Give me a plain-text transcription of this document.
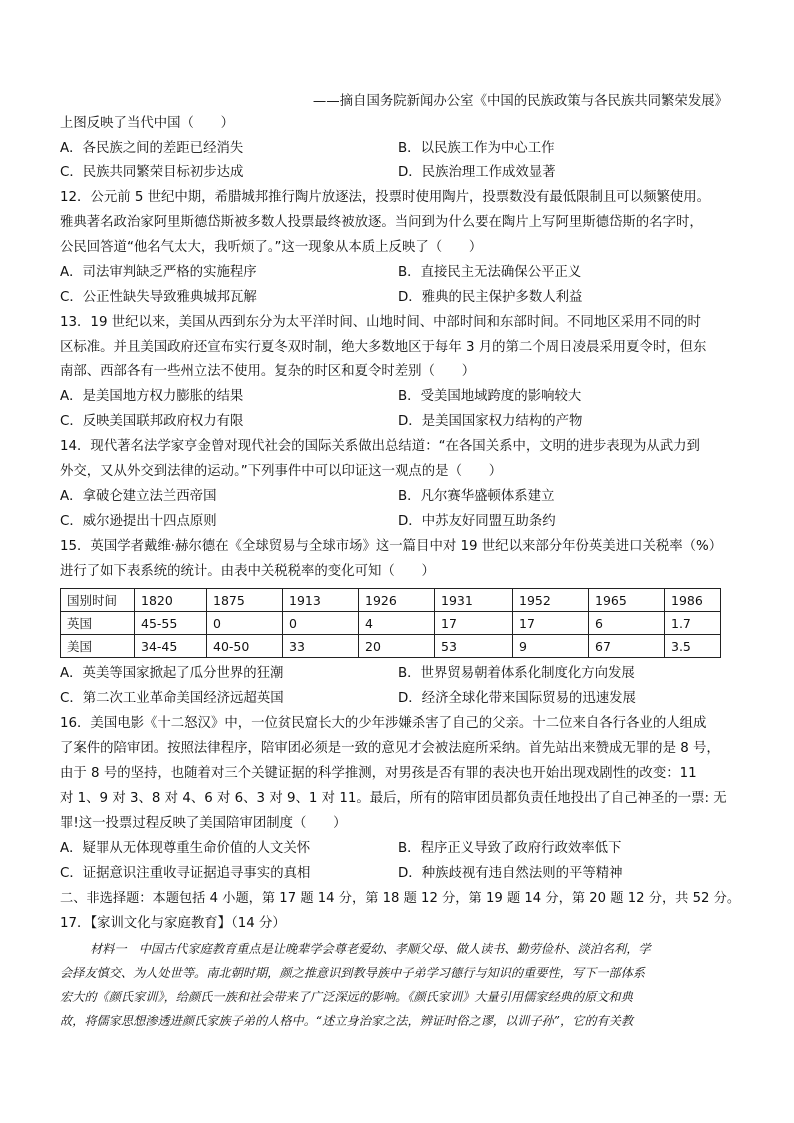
——摘自国务院新闻办公室《中国的民族政策与各民族共同繁荣发展》
上图反映了当代中国（　　）
A．各民族之间的差距已经消失	B．以民族工作为中心工作
C．民族共同繁荣目标初步达成	D．民族治理工作成效显著
12．公元前 5 世纪中期，希腊城邦推行陶片放逐法，投票时使用陶片，投票数没有最低限制且可以频繁使用。
雅典著名政治家阿里斯德岱斯被多数人投票最终被放逐。当问到为什么要在陶片上写阿里斯德岱斯的名字时，
公民回答道“他名气太大，我听烦了。”这一现象从本质上反映了（　　）
A．司法审判缺乏严格的实施程序	B．直接民主无法确保公平正义
C．公正性缺失导致雅典城邦瓦解	D．雅典的民主保护多数人利益
13．19 世纪以来，美国从西到东分为太平洋时间、山地时间、中部时间和东部时间。不同地区采用不同的时
区标准。并且美国政府还宣布实行夏冬双时制，绝大多数地区于每年 3 月的第二个周日凌晨采用夏令时，但东
南部、西部各有一些州立法不使用。复杂的时区和夏令时差别（　　）
A．是美国地方权力膨胀的结果	B．受美国地域跨度的影响较大
C．反映美国联邦政府权力有限	D．是美国国家权力结构的产物
14．现代著名法学家亨金曾对现代社会的国际关系做出总结道：“在各国关系中，文明的进步表现为从武力到
外交，又从外交到法律的运动。”下列事件中可以印证这一观点的是（　　）
A．拿破仑建立法兰西帝国	B．凡尔赛华盛顿体系建立
C．威尔逊提出十四点原则	D．中苏友好同盟互助条约
15．英国学者戴维·赫尔德在《全球贸易与全球市场》这一篇目中对 19 世纪以来部分年份英美进口关税率（%）
进行了如下表系统的统计。由表中关税税率的变化可知（　　）
国别时间	1820	1875	1913	1926	1931	1952	1965	1986
英国	45-55	0	0	4	17	17	6	1.7
美国	34-45	40-50	33	20	53	9	67	3.5
A．英美等国家掀起了瓜分世界的狂潮	B．世界贸易朝着体系化制度化方向发展
C．第二次工业革命美国经济远超英国	D．经济全球化带来国际贸易的迅速发展
16．美国电影《十二怒汉》中，一位贫民窟长大的少年涉嫌杀害了自己的父亲。十二位来自各行各业的人组成
了案件的陪审团。按照法律程序，陪审团必须是一致的意见才会被法庭所采纳。首先站出来赞成无罪的是 8 号，
由于 8 号的坚持，也随着对三个关键证据的科学推测，对男孩是否有罪的表决也开始出现戏剧性的改变：11
对 1、9 对 3、8 对 4、6 对 6、3 对 9、1 对 11。最后，所有的陪审团员都负责任地投出了自己神圣的一票: 无
罪!这一投票过程反映了美国陪审团制度（　　）
A．疑罪从无体现尊重生命价值的人文关怀	B．程序正义导致了政府行政效率低下
C．证据意识注重收寻证据追寻事实的真相	D．种族歧视有违自然法则的平等精神
二、非选择题：本题包括 4 小题，第 17 题 14 分，第 18 题 12 分，第 19 题 14 分，第 20 题 12 分，共 52 分。
17．【家训文化与家庭教育】（14 分）
材料一　中国古代家庭教育重点是让晚辈学会尊老爱幼、孝顺父母、做人读书、勤劳俭朴、淡泊名利，学
会择友慎交、为人处世等。南北朝时期，颜之推意识到教导族中子弟学习德行与知识的重要性，写下一部体系
宏大的《颜氏家训》，给颜氏一族和社会带来了广泛深远的影响。《颜氏家训》大量引用儒家经典的原文和典
故，将儒家思想渗透进颜氏家族子弟的人格中。“述立身治家之法，辨证时俗之谬，以训子孙”，它的有关教
